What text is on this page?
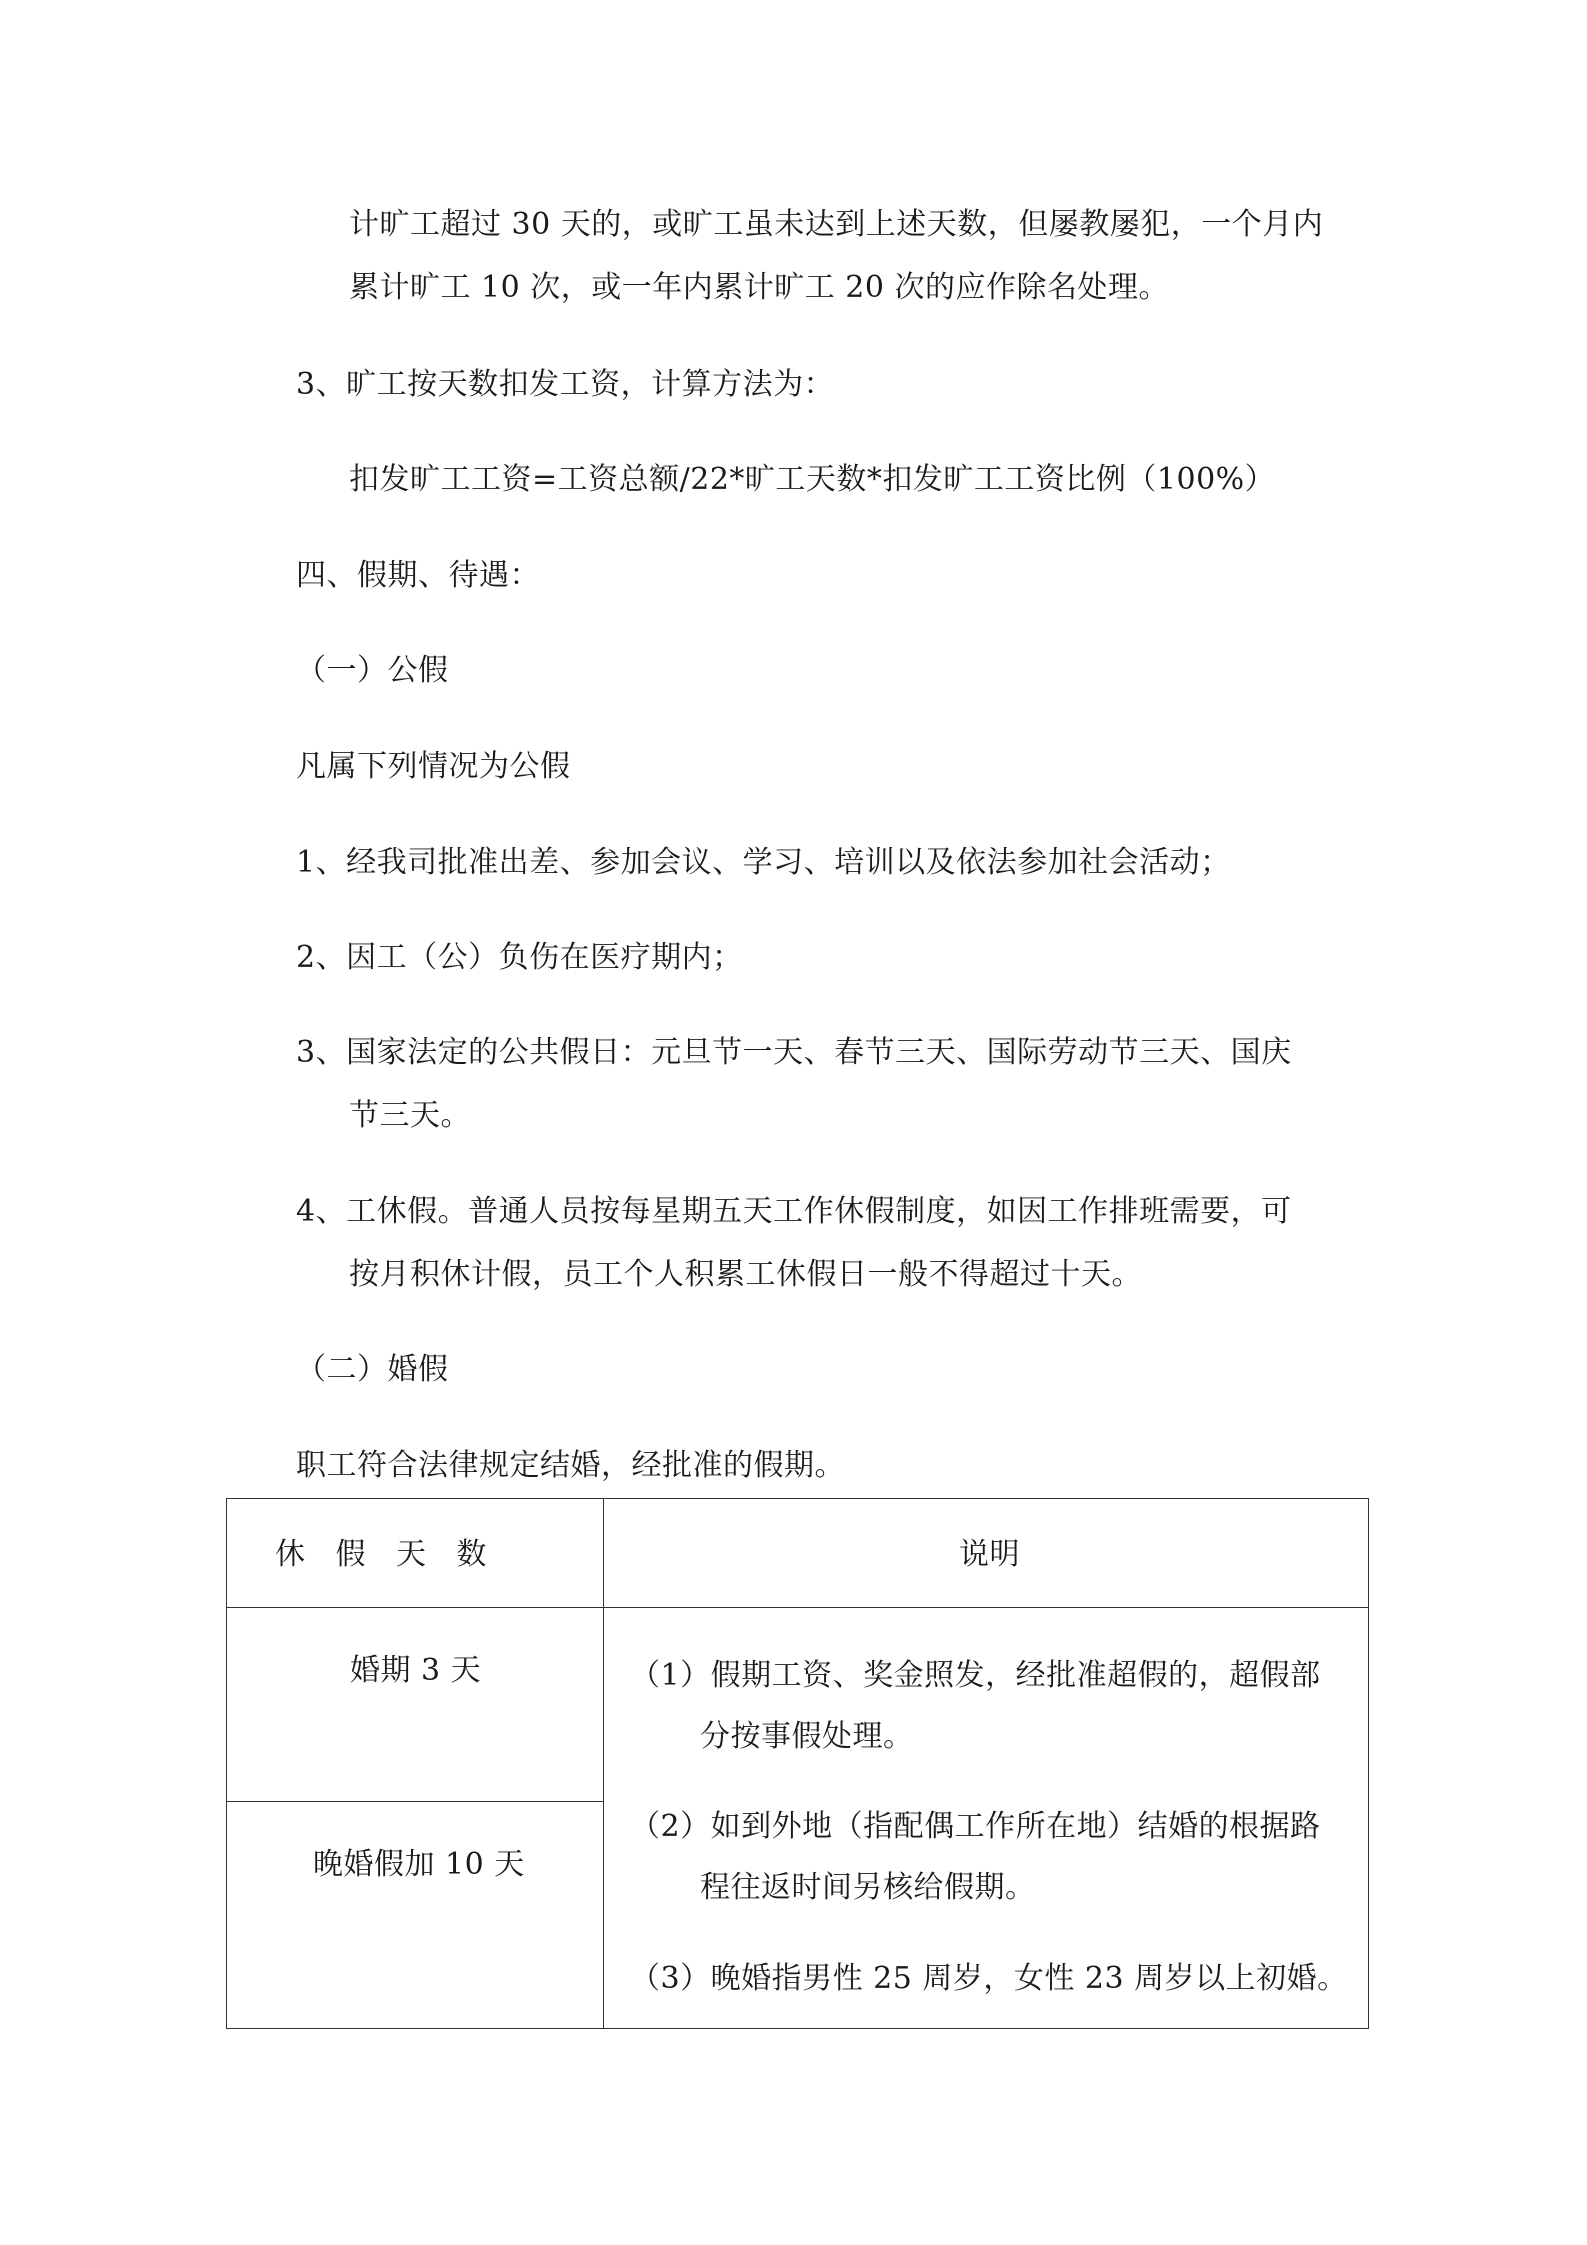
计旷工超过 30 天的，或旷工虽未达到上述天数，但屡教屡犯，一个月内
累计旷工 10 次，或一年内累计旷工 20 次的应作除名处理。
3、旷工按天数扣发工资，计算方法为：
扣发旷工工资=工资总额/22*旷工天数*扣发旷工工资比例（100%）
四、假期、待遇：
（一）公假
凡属下列情况为公假
1、经我司批准出差、参加会议、学习、培训以及依法参加社会活动；
2、因工（公）负伤在医疗期内；
3、国家法定的公共假日：元旦节一天、春节三天、国际劳动节三天、国庆
节三天。
4、工休假。普通人员按每星期五天工作休假制度，如因工作排班需要，可
按月积休计假，员工个人积累工休假日一般不得超过十天。
（二）婚假
职工符合法律规定结婚，经批准的假期。
休 假 天 数	说明
婚期 3 天
晚婚假加 10 天
（1）假期工资、奖金照发，经批准超假的，超假部
分按事假处理。
（2）如到外地（指配偶工作所在地）结婚的根据路
程往返时间另核给假期。
（3）晚婚指男性 25 周岁，女性 23 周岁以上初婚。
